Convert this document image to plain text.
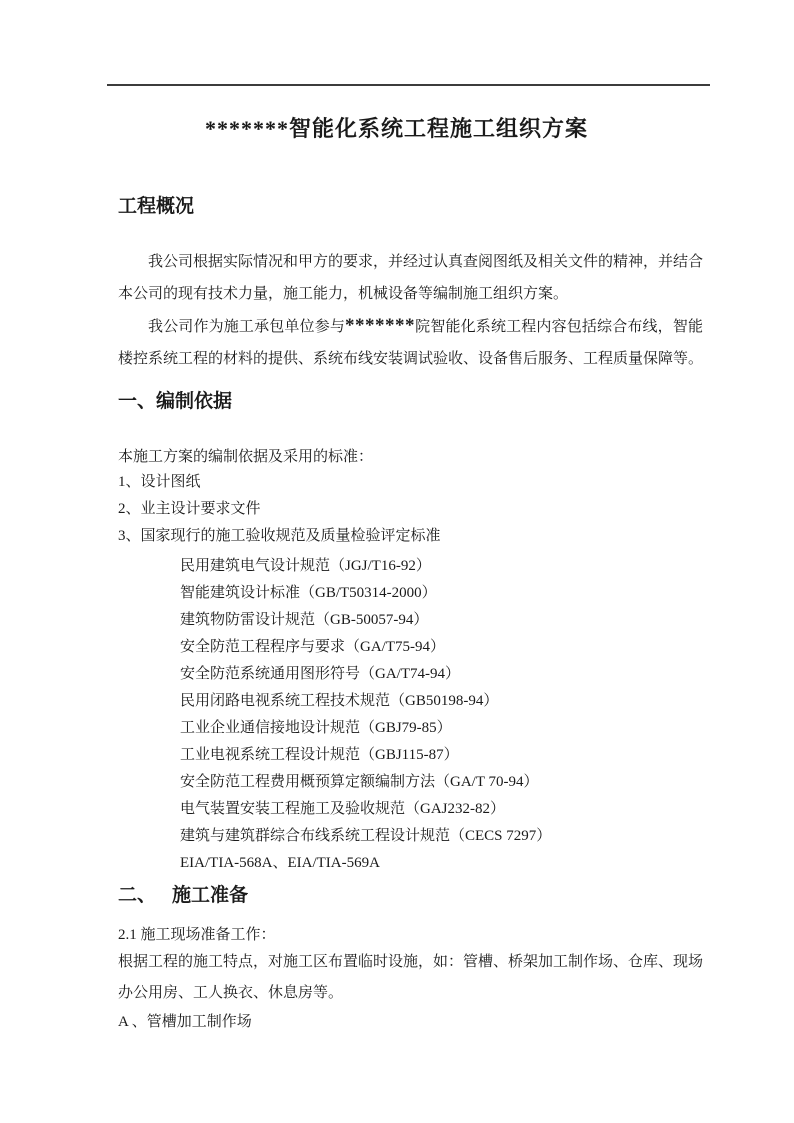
*******智能化系统工程施工组织方案
工程概况

我公司根据实际情况和甲方的要求，并经过认真查阅图纸及相关文件的精神，并结合本公司的现有技术力量，施工能力，机械设备等编制施工组织方案。

我公司作为施工承包单位参与*******院智能化系统工程内容包括综合布线，智能楼控系统工程的材料的提供、系统布线安装调试验收、设备售后服务、工程质量保障等。

一、编制依据
本施工方案的编制依据及采用的标准：
1、设计图纸
2、业主设计要求文件
3、国家现行的施工验收规范及质量检验评定标准
民用建筑电气设计规范（JGJ/T16-92）
智能建筑设计标准（GB/T50314-2000）
建筑物防雷设计规范（GB-50057-94）
安全防范工程程序与要求（GA/T75-94）
安全防范系统通用图形符号（GA/T74-94）
民用闭路电视系统工程技术规范（GB50198-94）
工业企业通信接地设计规范（GBJ79-85）
工业电视系统工程设计规范（GBJ115-87）
安全防范工程费用概预算定额编制方法（GA/T 70-94）
电气装置安装工程施工及验收规范（GAJ232-82）
建筑与建筑群综合布线系统工程设计规范（CECS 7297）
EIA/TIA-568A、EIA/TIA-569A
二、 施工准备
2.1 施工现场准备工作：

根据工程的施工特点，对施工区布置临时设施，如：管槽、桥架加工制作场、仓库、现场办公用房、工人换衣、休息房等。

A 、管槽加工制作场
